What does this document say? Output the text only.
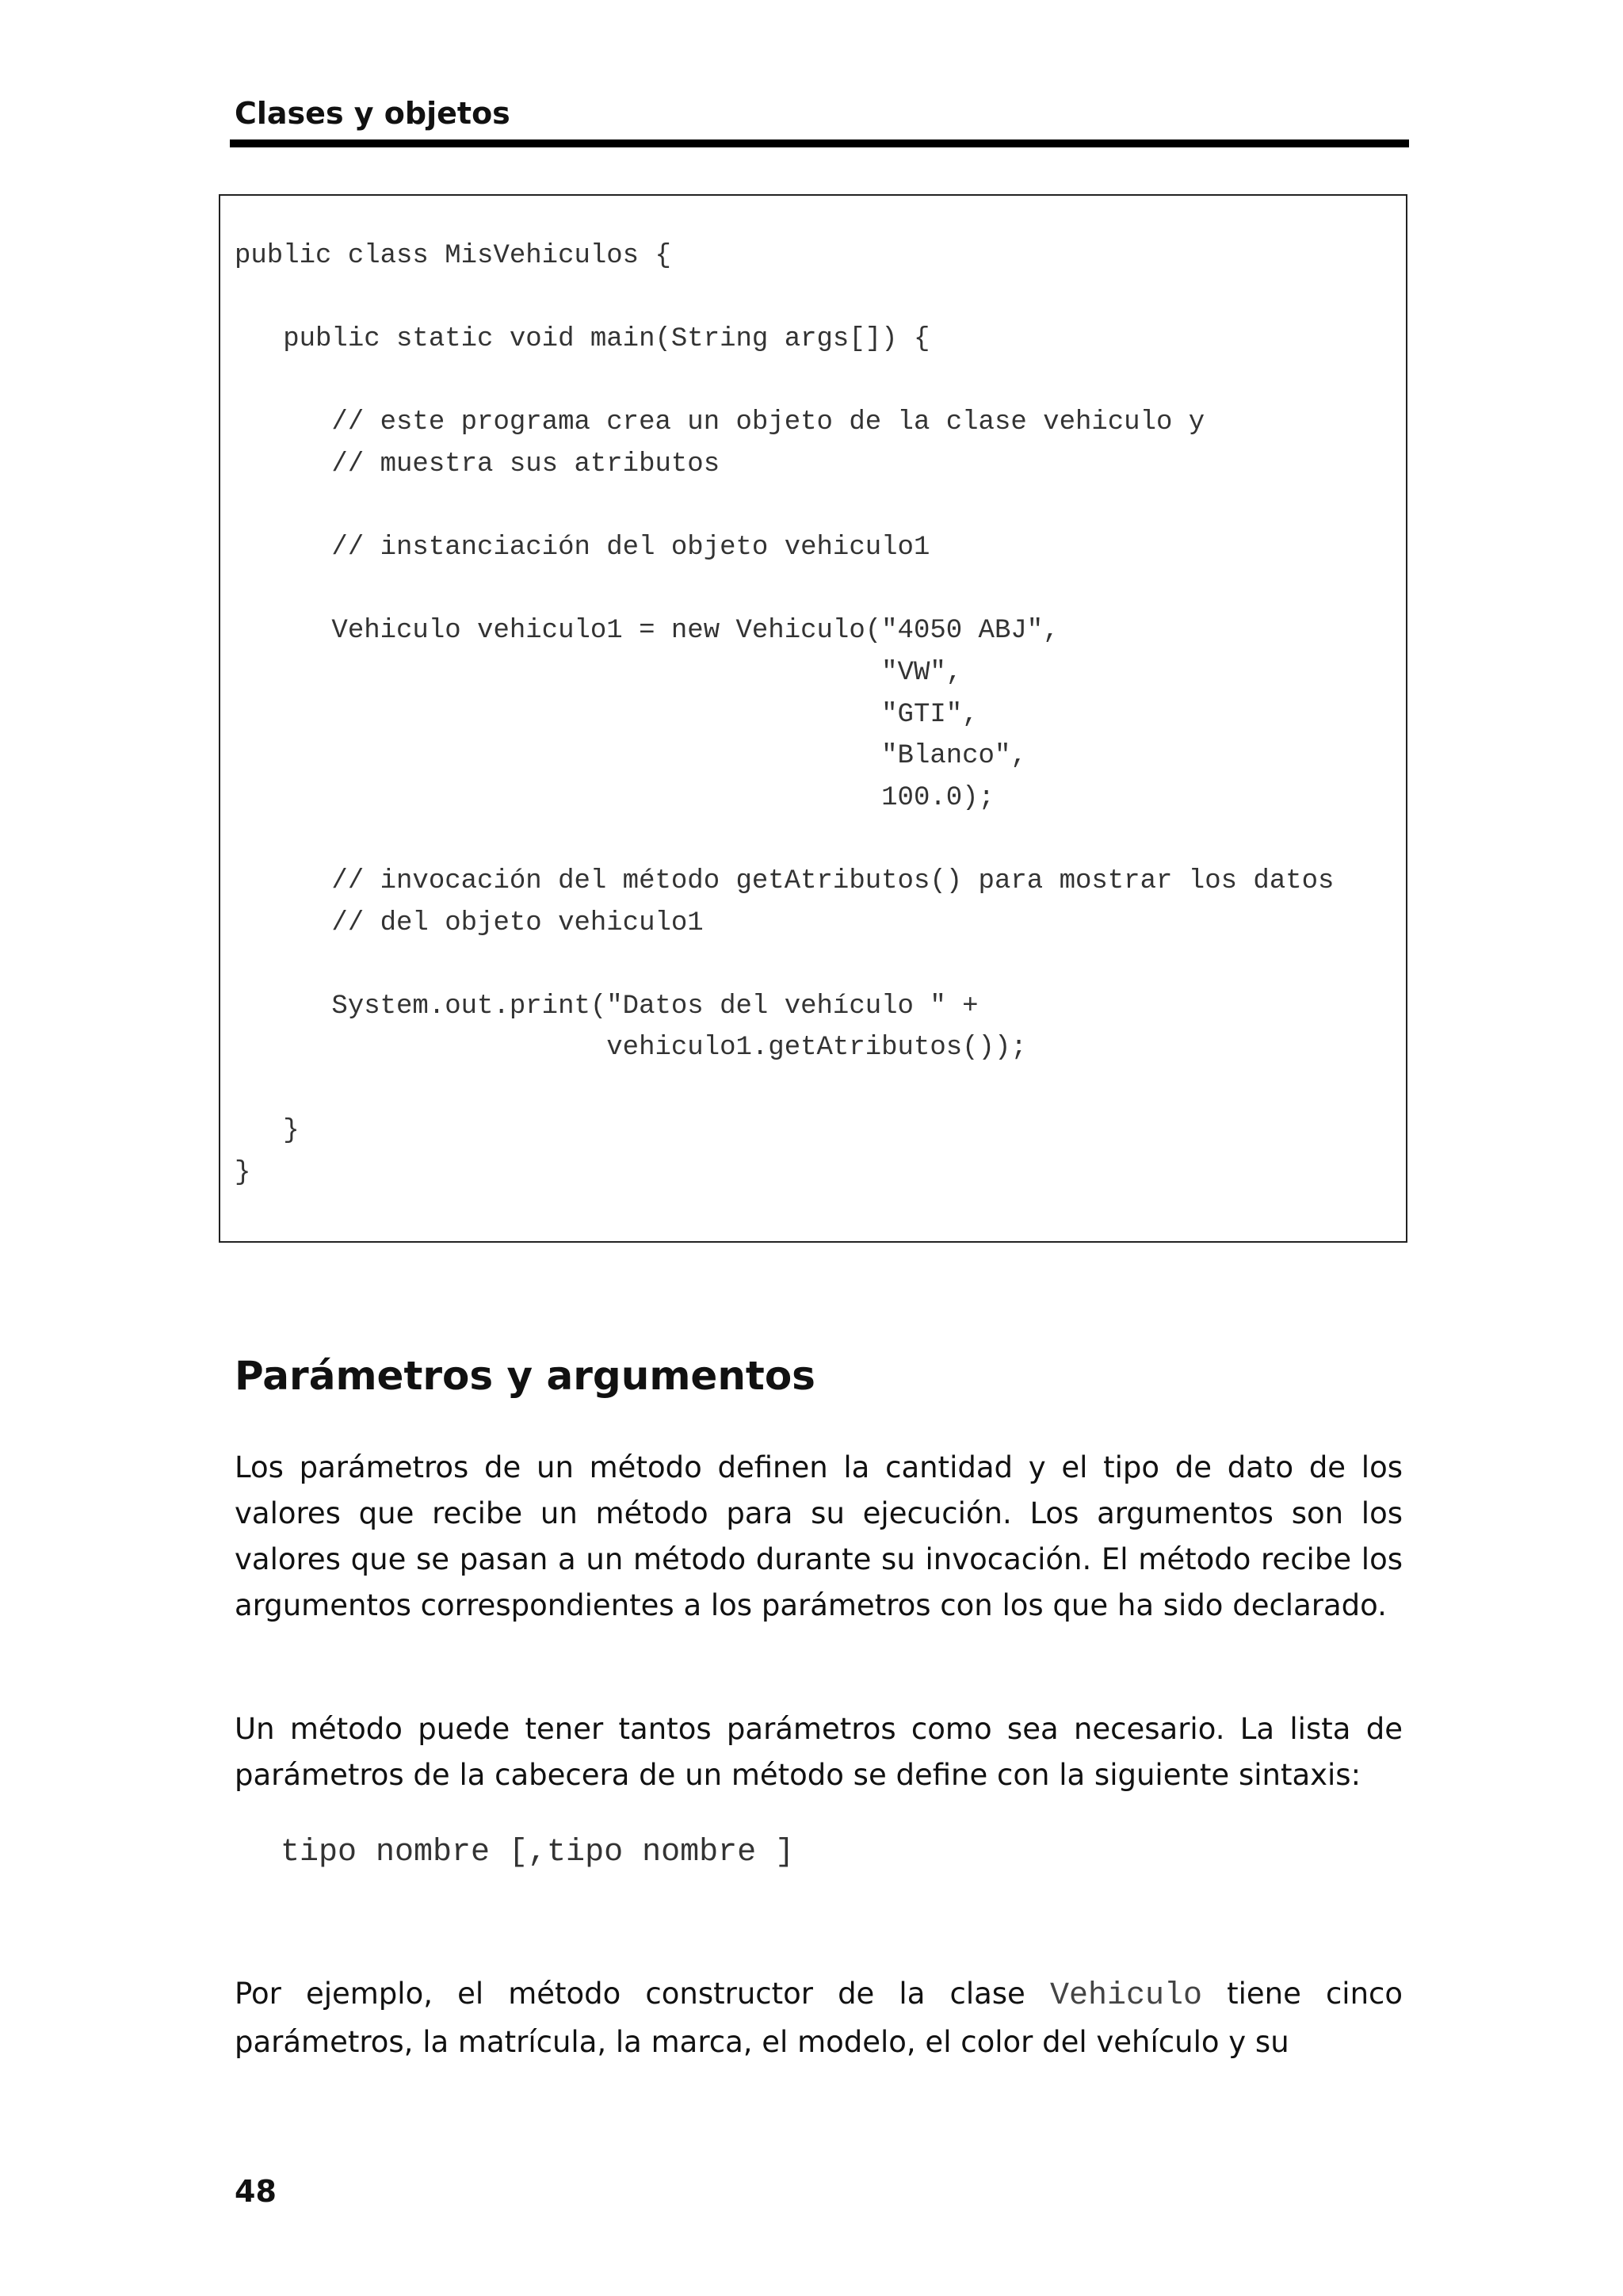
Clases y objetos
public class MisVehiculos {
public static void main(String args[]) {
// este programa crea un objeto de la clase vehiculo y
// muestra sus atributos
// instanciación del objeto vehiculo1
Vehiculo vehiculo1 = new Vehiculo("4050 ABJ",
"VW",
"GTI",
"Blanco",
100.0);
// invocación del método getAtributos() para mostrar los datos
// del objeto vehiculo1
System.out.print("Datos del vehículo " +
vehiculo1.getAtributos());
}
}
Parámetros y argumentos

Los parámetros de un método definen la cantidad y el tipo de dato de los valores que recibe un método para su ejecución. Los argumentos son los valores que se pasan a un método durante su invocación. El método recibe los argumentos correspondientes a los parámetros con los que ha sido declarado.

Un método puede tener tantos parámetros como sea necesario. La lista de parámetros de la cabecera de un método se define con la siguiente sintaxis:

tipo nombre [,tipo nombre ]

Por ejemplo, el método constructor de la clase Vehiculo tiene cinco parámetros, la matrícula, la marca, el modelo, el color del vehículo y su

48
